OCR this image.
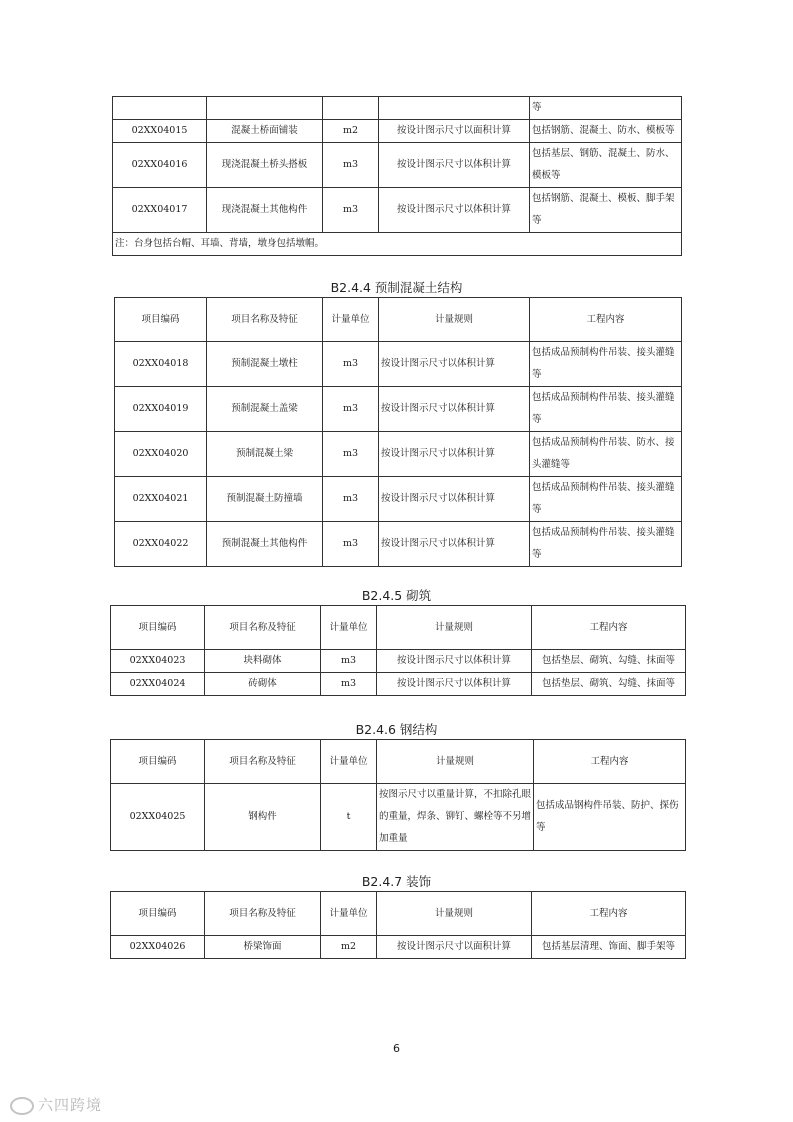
				等
02XX04015	混凝土桥面铺装	m2	按设计图示尺寸以面积计算	包括钢筋、混凝土、防水、模板等
02XX04016	现浇混凝土桥头搭板	m3	按设计图示尺寸以体积计算	包括基层、钢筋、混凝土、防水、模板等
02XX04017	现浇混凝土其他构件	m3	按设计图示尺寸以体积计算	包括钢筋、混凝土、模板、脚手架等
注：台身包括台帽、耳墙、背墙，墩身包括墩帽。				
B2.4.4 预制混凝土结构
项目编码	项目名称及特征	计量单位	计量规则	工程内容
02XX04018	预制混凝土墩柱	m3	按设计图示尺寸以体积计算	包括成品预制构件吊装、接头灌缝等
02XX04019	预制混凝土盖梁	m3	按设计图示尺寸以体积计算	包括成品预制构件吊装、接头灌缝等
02XX04020	预制混凝土梁	m3	按设计图示尺寸以体积计算	包括成品预制构件吊装、防水、接头灌缝等
02XX04021	预制混凝土防撞墙	m3	按设计图示尺寸以体积计算	包括成品预制构件吊装、接头灌缝等
02XX04022	预制混凝土其他构件	m3	按设计图示尺寸以体积计算	包括成品预制构件吊装、接头灌缝等
B2.4.5 砌筑
项目编码	项目名称及特征	计量单位	计量规则	工程内容
02XX04023	块料砌体	m3	按设计图示尺寸以体积计算	包括垫层、砌筑、勾缝、抹面等
02XX04024	砖砌体	m3	按设计图示尺寸以体积计算	包括垫层、砌筑、勾缝、抹面等
B2.4.6 钢结构
项目编码	项目名称及特征	计量单位	计量规则	工程内容
02XX04025	钢构件	t	按图示尺寸以重量计算，不扣除孔眼的重量，焊条、铆钉、螺栓等不另增加重量	包括成品钢构件吊装、防护、探伤等
B2.4.7 装饰
项目编码	项目名称及特征	计量单位	计量规则	工程内容
02XX04026	桥梁饰面	m2	按设计图示尺寸以面积计算	包括基层清理、饰面、脚手架等
6
六四跨境
